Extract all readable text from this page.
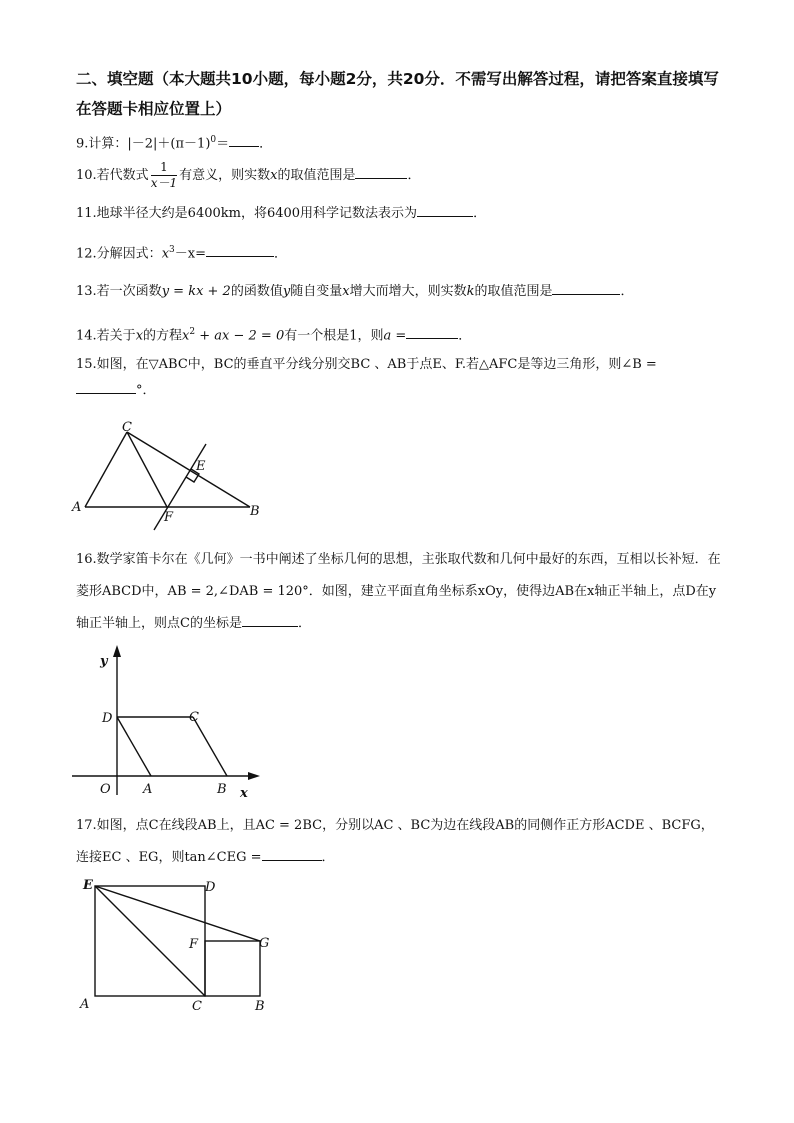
二、填空题（本大题共10小题，每小题2分，共20分．不需写出解答过程，请把答案直接填写在答题卡相应位置上）
9.计算：$|-2|+(\pi-1)^0=$ ．
10.若代数式 $\frac{1}{x-1}$ 有意义，则实数x的取值范围是	．
11.地球半径大约是6400km，将6400用科学记数法表示为	．
12.分解因式：$x^3-x=$	．
13.若一次函数y = kx + 2的函数值y随自变量x增大而增大，则实数k的取值范围是	．
14.若关于x的方程$x^2$ + ax − 2 = 0有一个根是1，则a =	．
15.如图，在▽ABC中，BC的垂直平分线分别交BC 、AB于点E、F.若△AFC是等边三角形，则∠B =
°．
C
E
A
F	B
16.数学家笛卡尔在《几何》一书中阐述了坐标几何的思想，主张取代数和几何中最好的东西，互相以长补短．在菱形ABCD中，AB = 2,∠DAB = 120°．如图，建立平面直角坐标系xOy，使得边AB在x轴正半轴上，点D在y轴正半轴上，则点C的坐标是	．
y
D	C
O A	B x
17.如图，点C在线段AB上，且AC = 2BC，分别以AC 、BC为边在线段AB的同侧作正方形ACDE 、BCFG，连接EC 、EG，则tan∠CEG =	．
E	D
F	G
A	C	B
